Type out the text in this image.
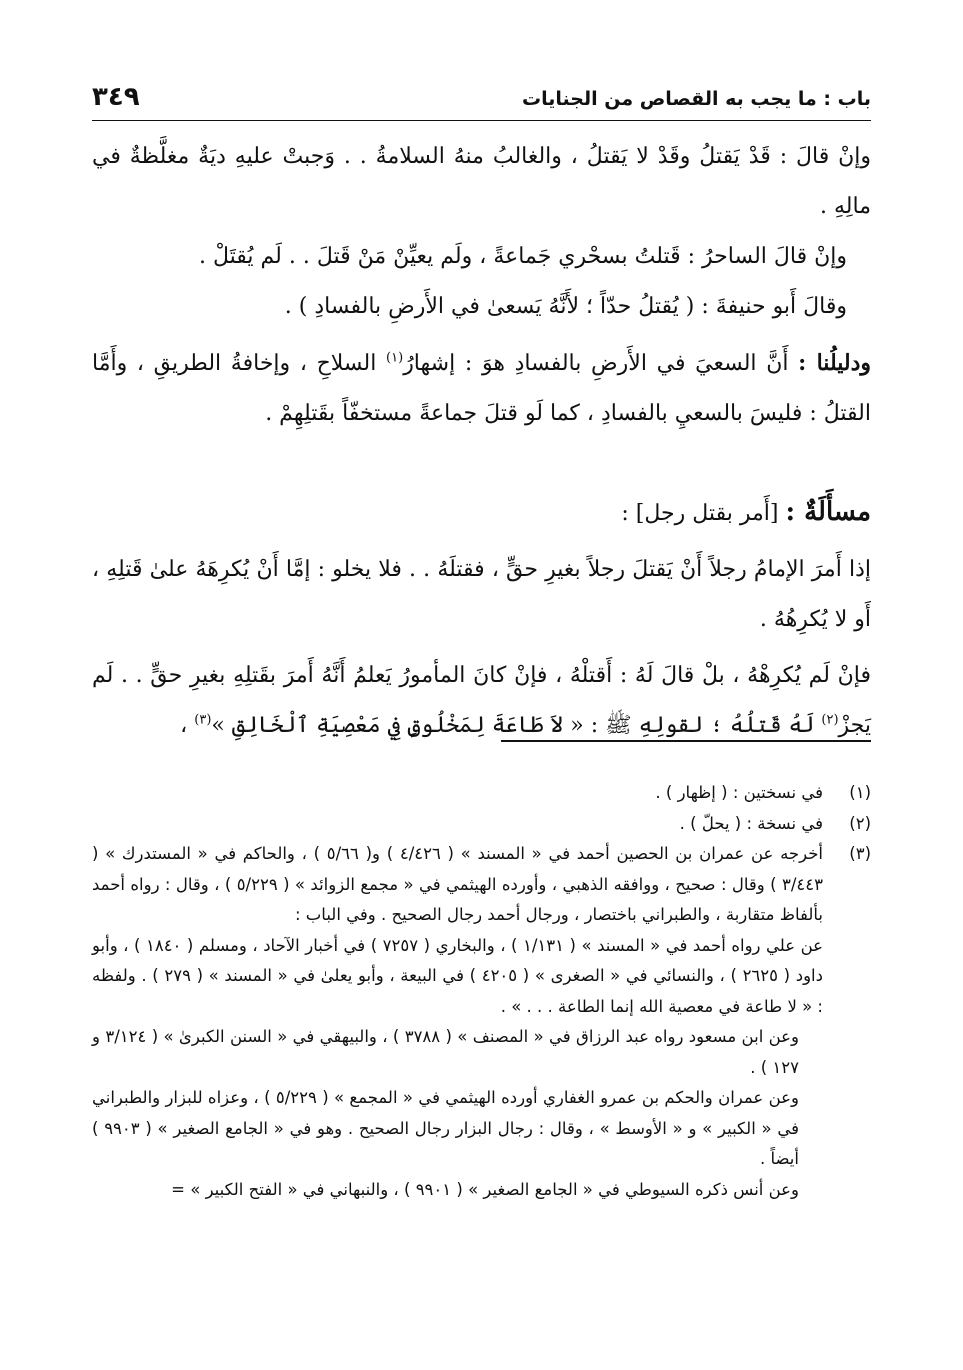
٣٤٩	باب : ما يجب به القصاص من الجنايات

وإنْ قالَ : قَدْ يَقتلُ وقَدْ لا يَقتلُ ، والغالبُ منهُ السلامةُ . . وَجبتْ عليهِ ديَةٌ مغلَّظةٌ في مالِهِ .

وإنْ قالَ الساحرُ : قَتلتُ بسحْري جَماعةً ، ولَم يعيِّنْ مَنْ قَتلَ . . لَم يُقتَلْ .

وقالَ أَبو حنيفةَ : ( يُقتلُ حدّاً ؛ لأَنَّهُ يَسعىٰ في الأَرضِ بالفسادِ ) .

ودليلُنا : أَنَّ السعيَ في الأَرضِ بالفسادِ هوَ : إشهارُ$^{(١)}$ السلاحِ ، وإخافةُ الطريقِ ، وأَمَّا القتلُ : فليسَ بالسعيِ بالفسادِ ، كما لَو قتلَ جماعةً مستخفّاً بقَتلِهِمْ .

مسأَلَةٌ : [أَمر بقتل رجل] :

إذا أَمرَ الإمامُ رجلاً أَنْ يَقتلَ رجلاً بغيرِ حقٍّ ، فقتلَهُ . . فلا يخلو : إمَّا أَنْ يُكرِهَهُ علىٰ قَتلِهِ ، أَو لا يُكرِهُهُ .

فإنْ لَم يُكرِهْهُ ، بلْ قالَ لَهُ : أَقتلْهُ ، فإنْ كانَ المأمورُ يَعلمُ أَنَّهُ أَمرَ بقَتلِهِ بغيرِ حقٍّ . . لَم يَجزْ$^{(٢)}$ لَهُ قَتلُهُ ؛ لقولِهِ ﷺ : « لاَ طَاعَةَ لِمَخْلُوقٍ فِي مَعْصِيَةِ ٱلْخَالِقِ »$^{(٣)}$ ،

(١)
في نسختين : ( إظهار ) .
(٢)
في نسخة : ( يحلّ ) .
(٣)

أخرجه عن عمران بن الحصين أحمد في « المسند » ( ٤/٤٢٦ ) و( ٥/٦٦ ) ، والحاكم في « المستدرك » ( ٣/٤٤٣ ) وقال : صحيح ، ووافقه الذهبي ، وأورده الهيثمي في « مجمع الزوائد » ( ٥/٢٢٩ ) ، وقال : رواه أحمد بألفاظ متقاربة ، والطبراني باختصار ، ورجال أحمد رجال الصحيح . وفي الباب :

عن علي رواه أحمد في « المسند » ( ١/١٣١ ) ، والبخاري ( ٧٢٥٧ ) في أخبار الآحاد ، ومسلم ( ١٨٤٠ ) ، وأبو داود ( ٢٦٢٥ ) ، والنسائي في « الصغرى » ( ٤٢٠٥ ) في البيعة ، وأبو يعلىٰ في « المسند » ( ٢٧٩ ) . ولفظه : « لا طاعة في معصية الله إنما الطاعة . . . » .

وعن ابن مسعود رواه عبد الرزاق في « المصنف » ( ٣٧٨٨ ) ، والبيهقي في « السنن الكبرىٰ » ( ٣/١٢٤ و ١٢٧ ) .

وعن عمران والحكم بن عمرو الغفاري أورده الهيثمي في « المجمع » ( ٥/٢٢٩ ) ، وعزاه للبزار والطبراني في « الكبير » و « الأوسط » ، وقال : رجال البزار رجال الصحيح . وهو في « الجامع الصغير » ( ٩٩٠٣ ) أيضاً .

وعن أنس ذكره السيوطي في « الجامع الصغير » ( ٩٩٠١ ) ، والنبهاني في « الفتح الكبير » =
